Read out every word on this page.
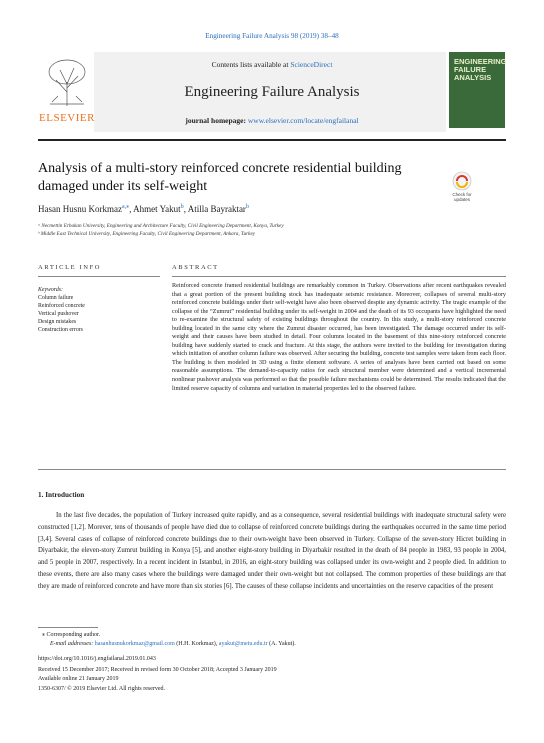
Engineering Failure Analysis 98 (2019) 38–48
ELSEVIER
Contents lists available at ScienceDirect
Engineering Failure Analysis
journal homepage: www.elsevier.com/locate/engfailanal
ENGINEERING FAILURE ANALYSIS
Analysis of a multi-story reinforced concrete residential building damaged under its self-weight
Check for updates
Hasan Husnu Korkmaz$^{a,⁎}$, Ahmet Yakut$^b$, Atilla Bayraktar$^b$
ᵃ Necmettin Erbakan University, Engineering and Architecture Faculty, Civil Engineering Department, Konya, Turkey
ᵇ Middle East Technical University, Engineering Faculty, Civil Engineering Department, Ankara, Turkey
ARTICLE INFO	ABSTRACT
Keywords:
Column failure
Reinforced concrete
Vertical pushover
Design mistakes
Construction errors
Reinforced concrete framed residential buildings are remarkably common in Turkey. Observations after recent earthquakes revealed that a great portion of the present building stock has inadequate seismic resistance. Moreover, collapses of several multi-story reinforced concrete buildings under their self-weight have also been observed despite any dynamic activity. The tragic example of the collapse of the “Zumrut” residential building under its self-weight in 2004 and the death of its 93 occupants have highlighted the need to re-examine the structural safety of existing buildings throughout the country. In this study, a multi-story reinforced concrete building located in the same city where the Zumrut disaster occurred, has been investigated. The damage occurred under its self-weight and their causes have been studied in detail. Four columns located in the basement of this nine-story reinforced concrete building have suddenly started to crack and fracture. At this stage, the authors were invited to the building for investigation during which initiation of another column failure was observed. After securing the building, concrete test samples were taken from each floor. The building is then modeled in 3D using a finite element software. A series of analyses have been carried out based on some reasonable assumptions. The demand-to-capacity ratios for each structural member were determined and a vertical incremental nonlinear pushover analysis was performed so that the possible failure mechanisms could be determined. The results indicated that the limited reserve capacity of columns and variation in material properties led to the observed failure.
1. Introduction
In the last five decades, the population of Turkey increased quite rapidly, and as a consequence, several residential buildings with inadequate structural safety were constructed [1,2]. Morever, tens of thousands of people have died due to collapse of reinforced concrete buildings during the earthquakes occurred in the same time period [3,4]. Several cases of collapse of reinforced concrete buildings due to their own-weight have been observed in Turkey. Collapse of the seven-story Hicret building in Diyarbakir, the eleven-story Zumrut building in Konya [5], and another eight-story building in Diyarbakir resulted in the death of 84 people in 1983, 93 people in 2004, and 5 people in 2007, respectively. In a recent incident in Istanbul, in 2016, an eight-story building was collapsed under its own-weight and 2 people died. In addition to these events, there are also many cases where the buildings were damaged under their own-weight but not collapsed. The common properties of these buildings are that they are made of reinforced concrete and have more than six stories [6]. The causes of these collapse incidents and uncertainties on the reserve capacities of the present
⁎ Corresponding author.
E-mail addresses: hasanhusnukorkmaz@gmail.com (H.H. Korkmaz), ayakut@metu.edu.tr (A. Yakut).
https://doi.org/10.1016/j.engfailanal.2019.01.043
Received 15 December 2017; Received in revised form 30 October 2018; Accepted 3 January 2019
Available online 21 January 2019
1350-6307/ © 2019 Elsevier Ltd. All rights reserved.
